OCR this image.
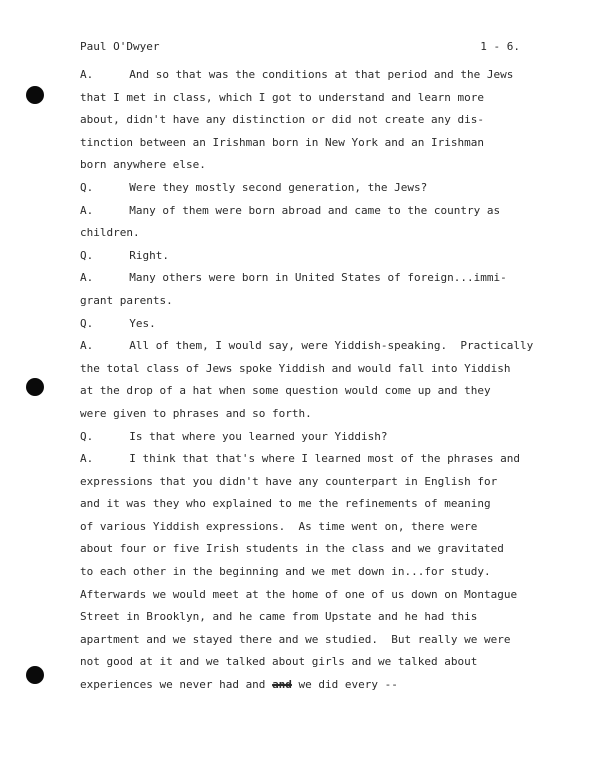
Paul O'Dwyer	1 - 6.
A.	And so that was the conditions at that period and the Jews
that I met in class, which I got to understand and learn more
about, didn't have any distinction or did not create any dis-
tinction between an Irishman born in New York and an Irishman
born anywhere else.
Q.	Were they mostly second generation, the Jews?
A.	Many of them were born abroad and came to the country as
children.
Q.	Right.
A.	Many others were born in United States of foreign...immi-
grant parents.
Q.	Yes.
A.	All of them, I would say, were Yiddish-speaking.  Practically
the total class of Jews spoke Yiddish and would fall into Yiddish
at the drop of a hat when some question would come up and they
were given to phrases and so forth.
Q.	Is that where you learned your Yiddish?
A.	I think that that's where I learned most of the phrases and
expressions that you didn't have any counterpart in English for
and it was they who explained to me the refinements of meaning
of various Yiddish expressions.  As time went on, there were
about four or five Irish students in the class and we gravitated
to each other in the beginning and we met down in...for study.
Afterwards we would meet at the home of one of us down on Montague
Street in Brooklyn, and he came from Upstate and he had this
apartment and we stayed there and we studied.  But really we were
not good at it and we talked about girls and we talked about
experiences we never had and and we did every --
